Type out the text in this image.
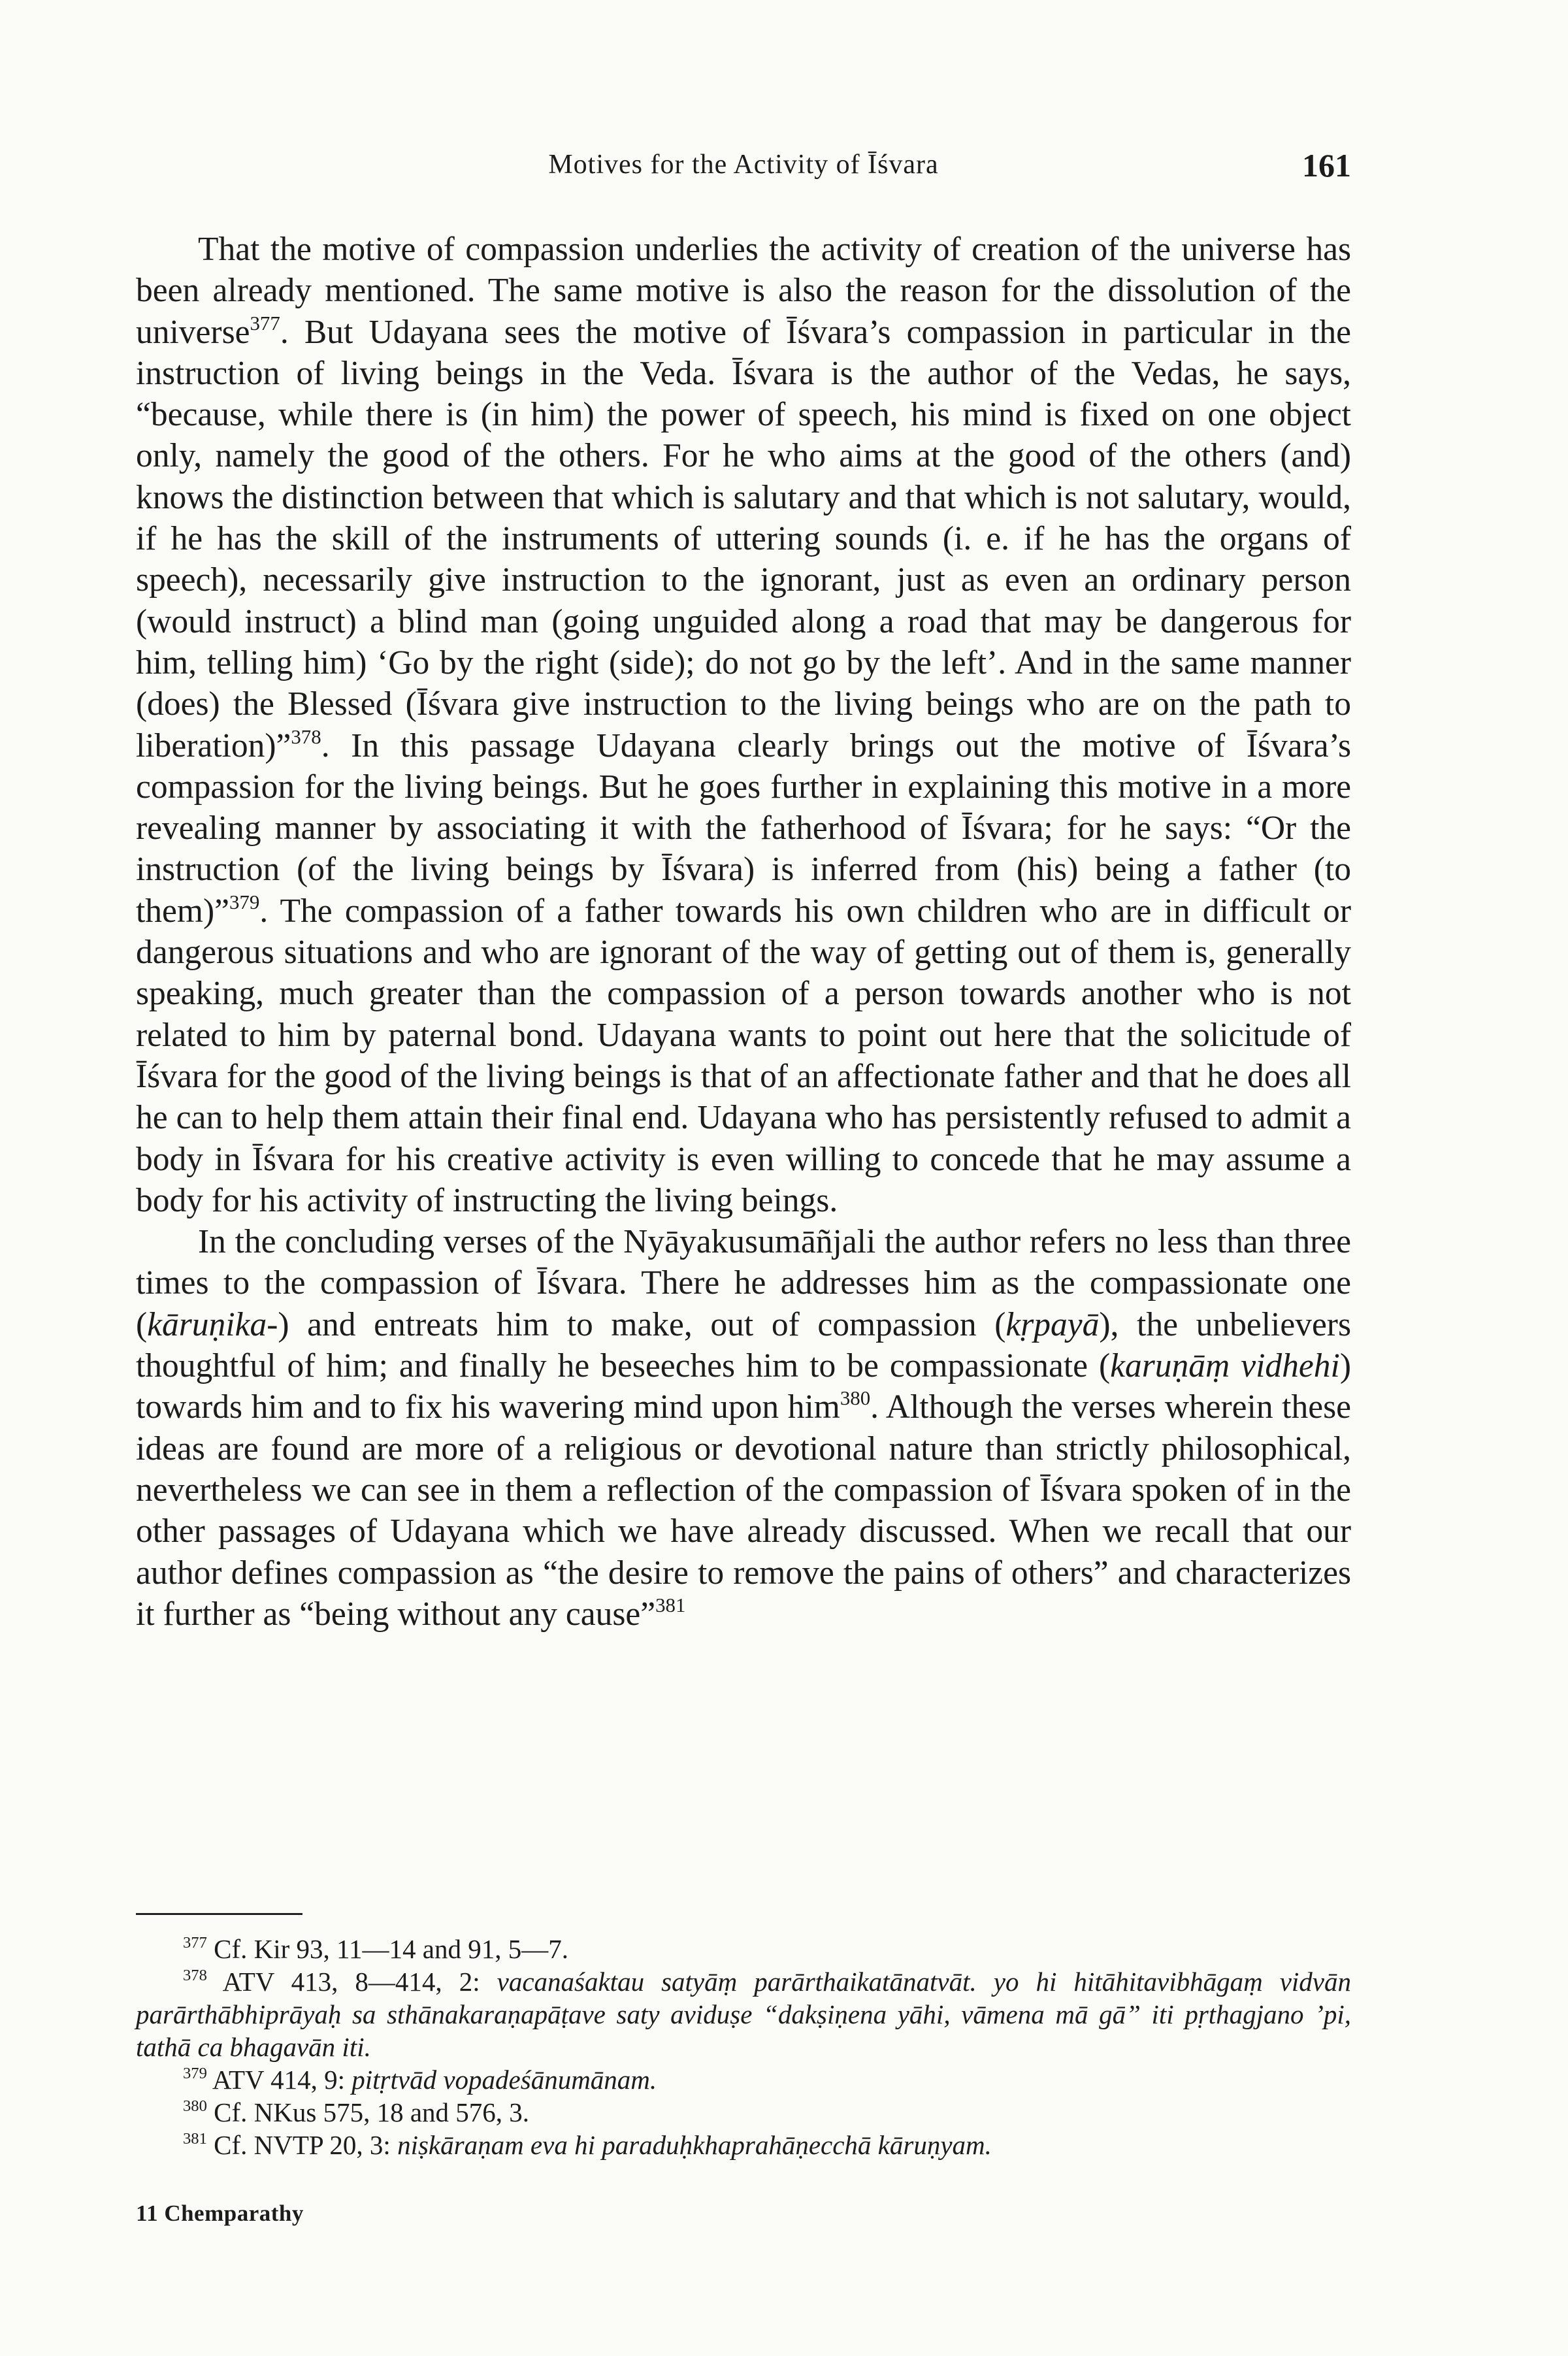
Motives for the Activity of Īśvara	161

That the motive of compassion underlies the activity of creation of the universe has been already mentioned. The same motive is also the reason for the dissolution of the universe$^{377}$. But Udayana sees the motive of Īśvara’s compassion in particular in the instruction of living beings in the Veda. Īśvara is the author of the Vedas, he says, “because, while there is (in him) the power of speech, his mind is fixed on one object only, namely the good of the others. For he who aims at the good of the others (and) knows the distinction between that which is salutary and that which is not salutary, would, if he has the skill of the instruments of uttering sounds (i. e. if he has the organs of speech), necessarily give instruction to the ignorant, just as even an ordinary person (would instruct) a blind man (going unguided along a road that may be dangerous for him, telling him) ‘Go by the right (side); do not go by the left’. And in the same manner (does) the Blessed (Īśvara give instruction to the living beings who are on the path to liberation)”$^{378}$. In this passage Udayana clearly brings out the motive of Īśvara’s compassion for the living beings. But he goes further in explaining this motive in a more revealing manner by associating it with the fatherhood of Īśvara; for he says: “Or the instruction (of the living beings by Īśvara) is inferred from (his) being a father (to them)”$^{379}$. The compassion of a father towards his own children who are in difficult or dangerous situations and who are ignorant of the way of getting out of them is, generally speaking, much greater than the compassion of a person towards another who is not related to him by paternal bond. Udayana wants to point out here that the solicitude of Īśvara for the good of the living beings is that of an affectionate father and that he does all he can to help them attain their final end. Udayana who has persistently refused to admit a body in Īśvara for his creative activity is even willing to concede that he may assume a body for his activity of instructing the living beings.

In the concluding verses of the Nyāyakusumāñjali the author refers no less than three times to the compassion of Īśvara. There he addresses him as the compassionate one (kāruṇika-) and entreats him to make, out of compassion (kṛpayā), the unbelievers thoughtful of him; and finally he beseeches him to be compassionate (karuṇāṃ vidhehi) towards him and to fix his wavering mind upon him$^{380}$. Although the verses wherein these ideas are found are more of a religious or devotional nature than strictly philosophical, nevertheless we can see in them a reflection of the compassion of Īśvara spoken of in the other passages of Udayana which we have already discussed. When we recall that our author defines compassion as “the desire to remove the pains of others” and characterizes it further as “being without any cause”$^{381}$

$^{377}$ Cf. Kir 93, 11—14 and 91, 5—7.

$^{378}$ ATV 413, 8—414, 2: vacanaśaktau satyāṃ parārthaikatānatvāt. yo hi hitāhitavibhāgaṃ vidvān parārthābhiprāyaḥ sa sthānakaraṇapāṭave saty aviduṣe “dakṣiṇena yāhi, vāmena mā gā” iti pṛthagjano ’pi, tathā ca bhagavān iti.

$^{379}$ ATV 414, 9: pitṛtvād vopadeśānumānam.

$^{380}$ Cf. NKus 575, 18 and 576, 3.

$^{381}$ Cf. NVTP 20, 3: niṣkāraṇam eva hi paraduḥkhaprahāṇecchā kāruṇyam.

11 Chemparathy
